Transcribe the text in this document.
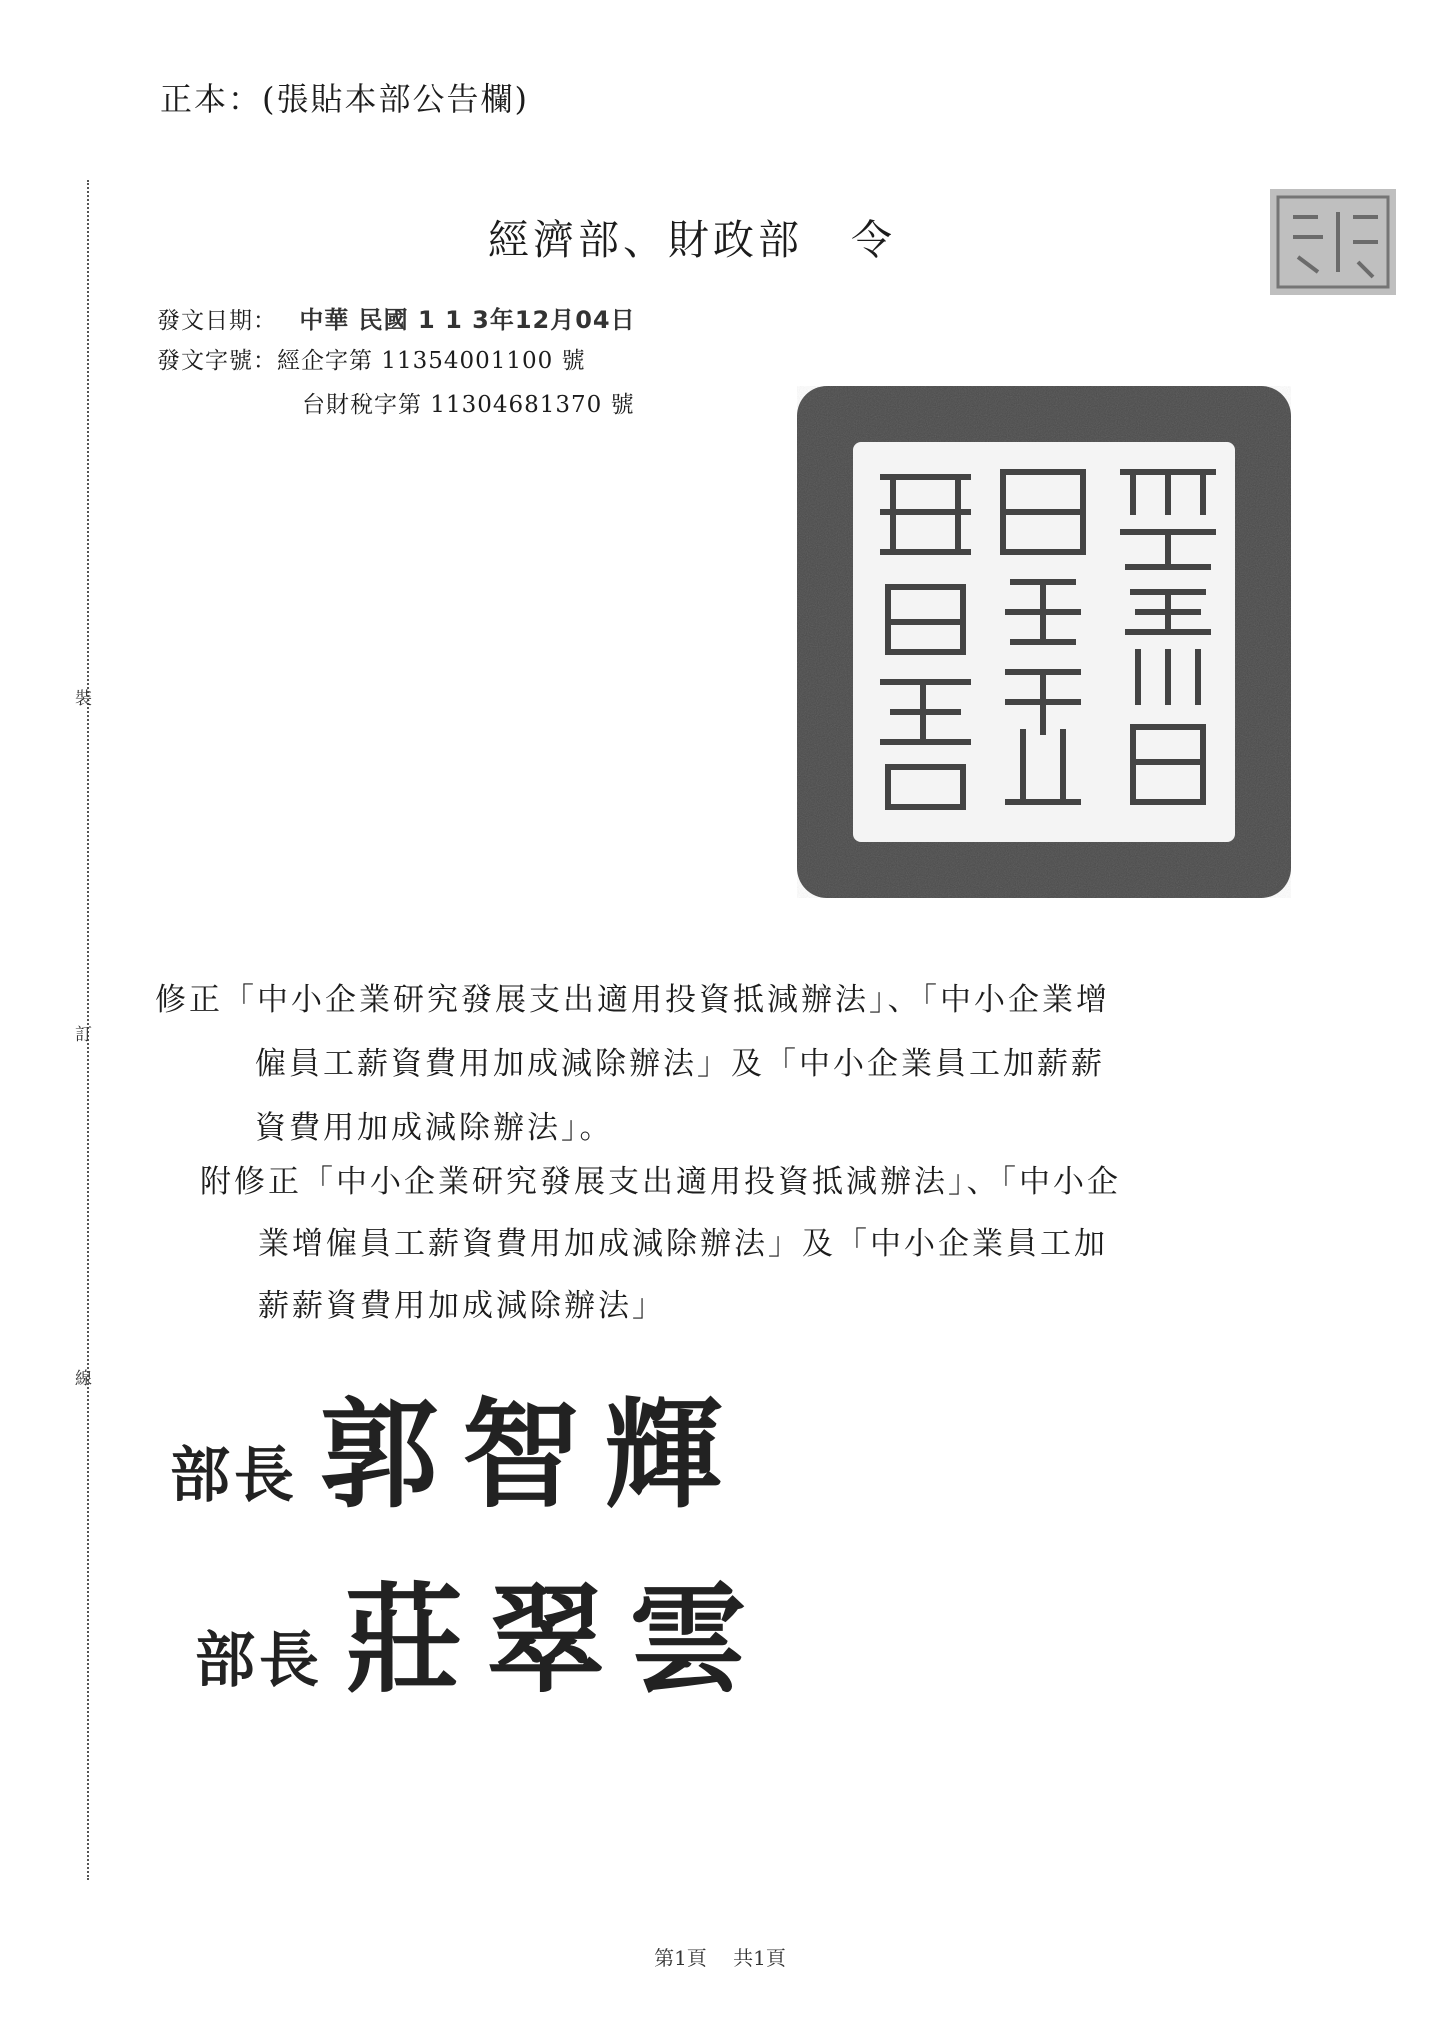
裝
訂
線
正本：(張貼本部公告欄)
經濟部、財政部 令
發文日期： 中華 民國 1 1 3年12月04日
發文字號：經企字第 11354001100 號
台財稅字第 11304681370 號
修正「中小企業研究發展支出適用投資抵減辦法」、「中小企業增
僱員工薪資費用加成減除辦法」及「中小企業員工加薪薪
資費用加成減除辦法」。
附修正「中小企業研究發展支出適用投資抵減辦法」、「中小企
業增僱員工薪資費用加成減除辦法」及「中小企業員工加
薪薪資費用加成減除辦法」
部長 郭智輝
部長 莊翠雲
第1頁 共1頁
